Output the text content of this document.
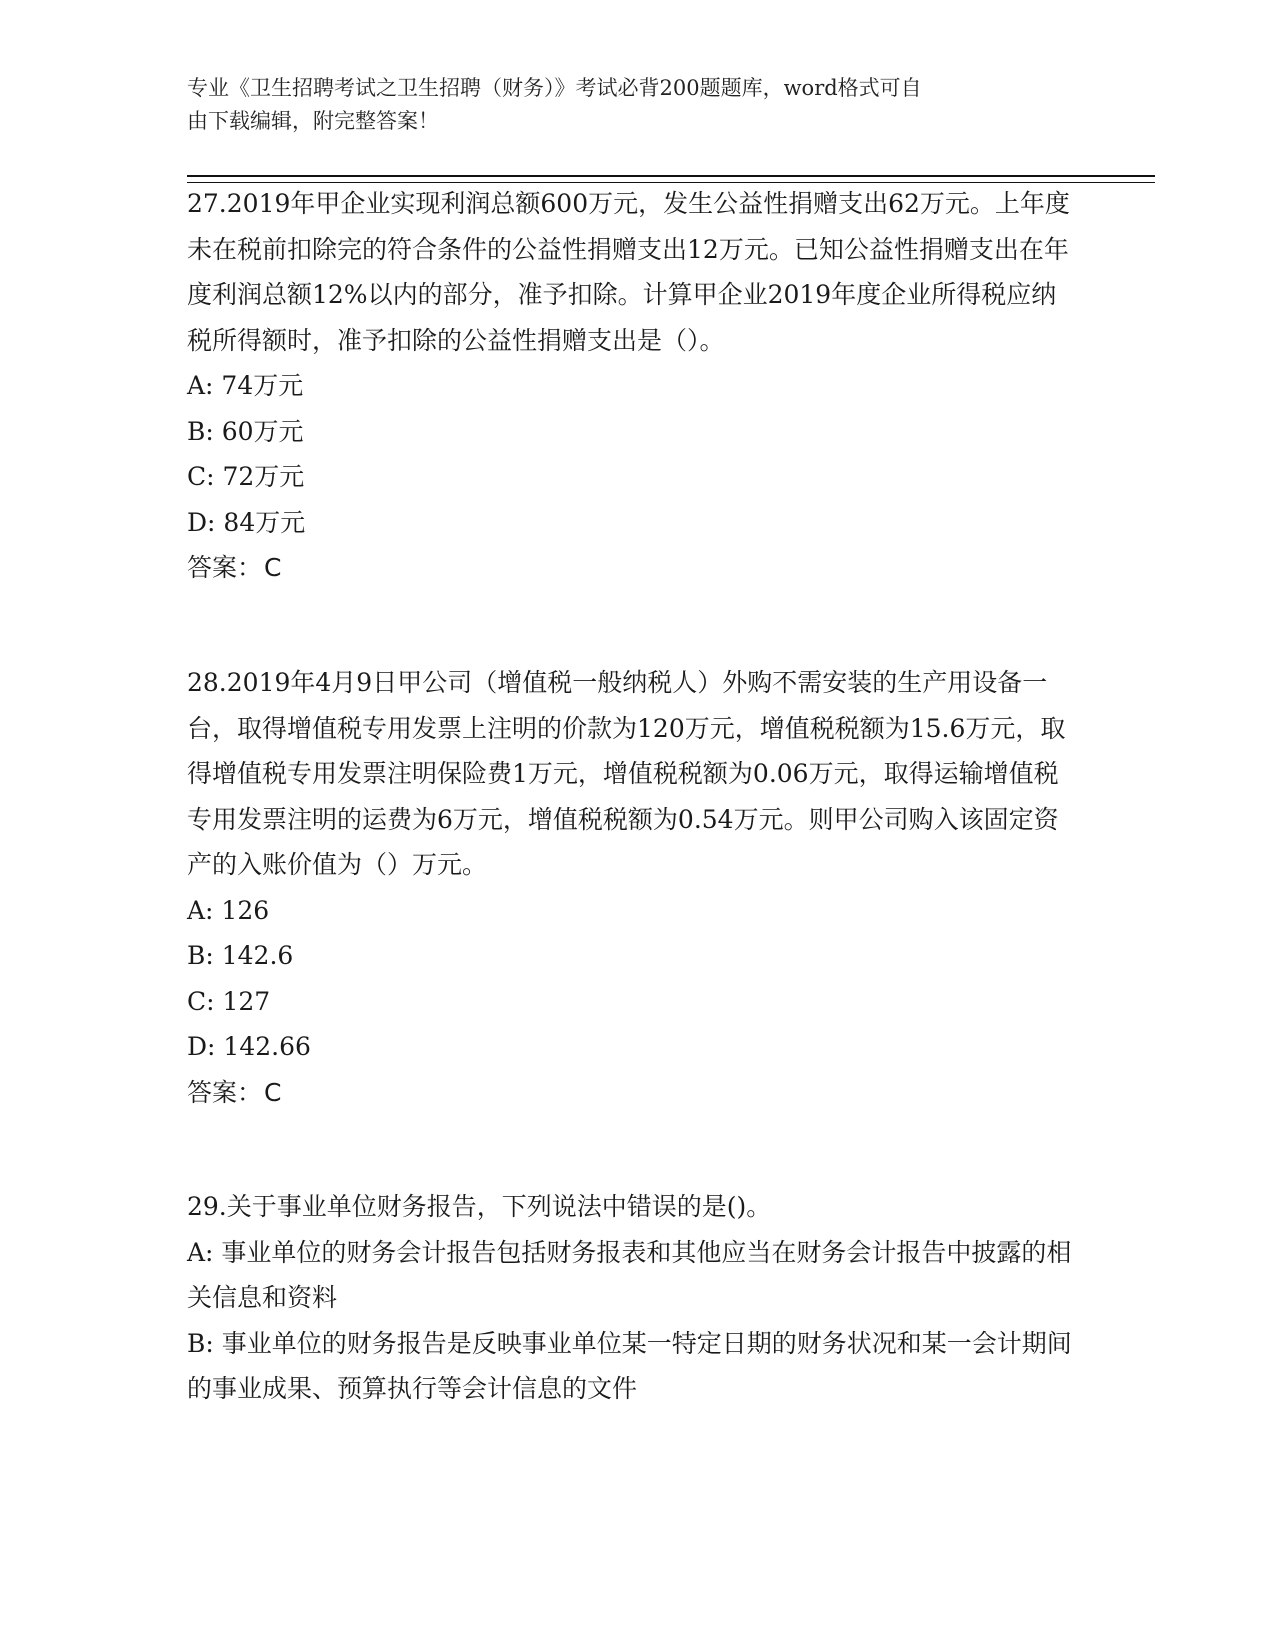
专业《卫生招聘考试之卫生招聘（财务）》考试必背200题题库，word格式可自
由下载编辑，附完整答案！

27.2019年甲企业实现利润总额600万元，发生公益性捐赠支出62万元。上年度未在税前扣除完的符合条件的公益性捐赠支出12万元。已知公益性捐赠支出在年度利润总额12%以内的部分，准予扣除。计算甲企业2019年度企业所得税应纳税所得额时，准予扣除的公益性捐赠支出是（）。

A: 74万元

B: 60万元

C: 72万元

D: 84万元

答案：C

28.2019年4月9日甲公司（增值税一般纳税人）外购不需安装的生产用设备一台，取得增值税专用发票上注明的价款为120万元，增值税税额为15.6万元，取得增值税专用发票注明保险费1万元，增值税税额为0.06万元，取得运输增值税专用发票注明的运费为6万元，增值税税额为0.54万元。则甲公司购入该固定资产的入账价值为（）万元。

A: 126

B: 142.6

C: 127

D: 142.66

答案：C

29.关于事业单位财务报告，下列说法中错误的是()。

A: 事业单位的财务会计报告包括财务报表和其他应当在财务会计报告中披露的相关信息和资料

B: 事业单位的财务报告是反映事业单位某一特定日期的财务状况和某一会计期间的事业成果、预算执行等会计信息的文件
